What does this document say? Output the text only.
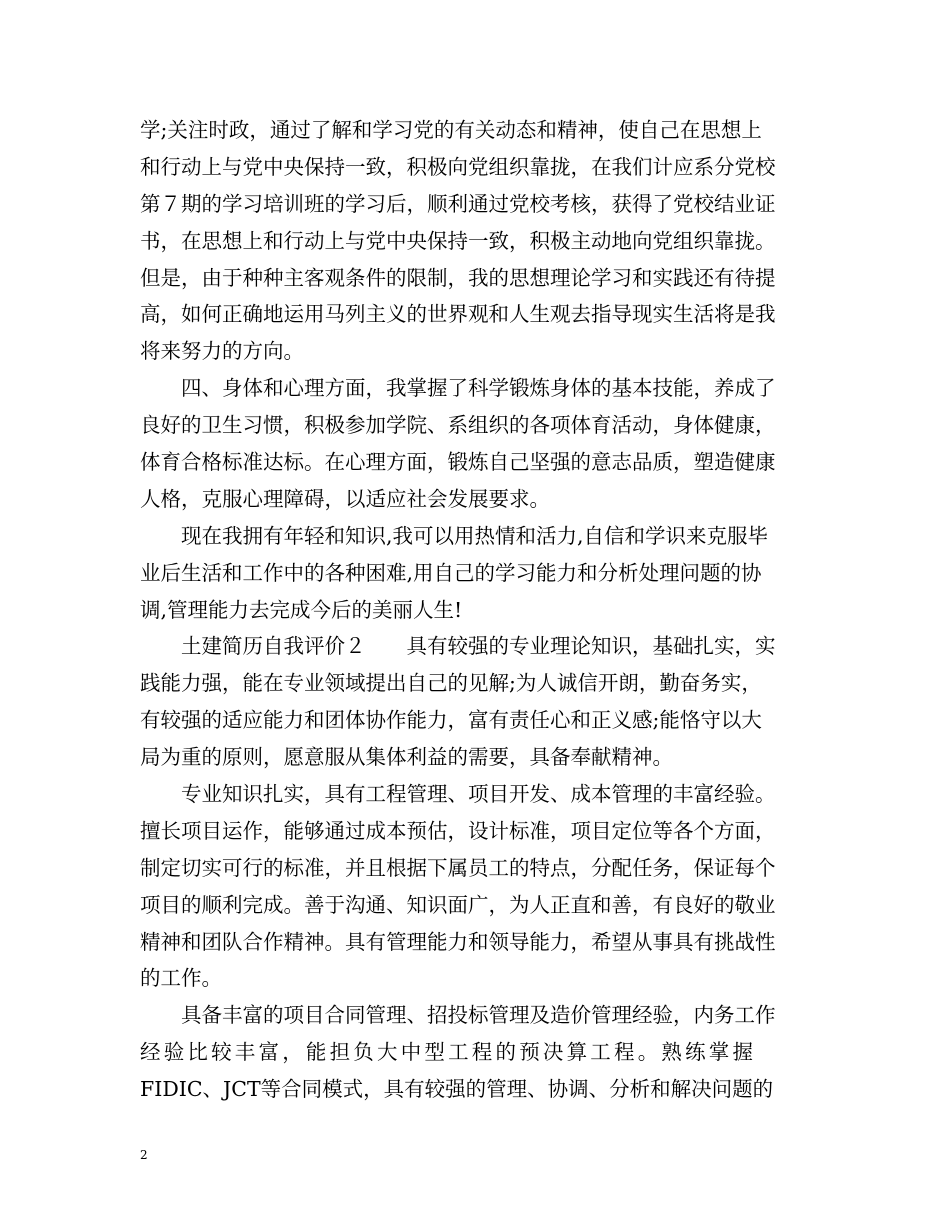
学;关注时政，通过了解和学习党的有关动态和精神，使自己在思想上
和行动上与党中央保持一致，积极向党组织靠拢，在我们计应系分党校
第７期的学习培训班的学习后，顺利通过党校考核，获得了党校结业证
书，在思想上和行动上与党中央保持一致，积极主动地向党组织靠拢。
但是，由于种种主客观条件的限制，我的思想理论学习和实践还有待提
高，如何正确地运用马列主义的世界观和人生观去指导现实生活将是我
将来努力的方向。
四、身体和心理方面，我掌握了科学锻炼身体的基本技能，养成了
良好的卫生习惯，积极参加学院、系组织的各项体育活动，身体健康，
体育合格标准达标。在心理方面，锻炼自己坚强的意志品质，塑造健康
人格，克服心理障碍，以适应社会发展要求。
现在我拥有年轻和知识,我可以用热情和活力,自信和学识来克服毕
业后生活和工作中的各种困难,用自己的学习能力和分析处理问题的协
调,管理能力去完成今后的美丽人生!
土建简历自我评价２　　具有较强的专业理论知识，基础扎实，实
践能力强，能在专业领域提出自己的见解;为人诚信开朗，勤奋务实，
有较强的适应能力和团体协作能力，富有责任心和正义感;能恪守以大
局为重的原则，愿意服从集体利益的需要，具备奉献精神。
专业知识扎实，具有工程管理、项目开发、成本管理的丰富经验。
擅长项目运作，能够通过成本预估，设计标准，项目定位等各个方面，
制定切实可行的标准，并且根据下属员工的特点，分配任务，保证每个
项目的顺利完成。善于沟通、知识面广，为人正直和善，有良好的敬业
精神和团队合作精神。具有管理能力和领导能力，希望从事具有挑战性
的工作。
具备丰富的项目合同管理、招投标管理及造价管理经验，内务工作
经验比较丰富，能担负大中型工程的预决算工程。熟练掌握
FIDIC、JCT等合同模式，具有较强的管理、协调、分析和解决问题的
2
